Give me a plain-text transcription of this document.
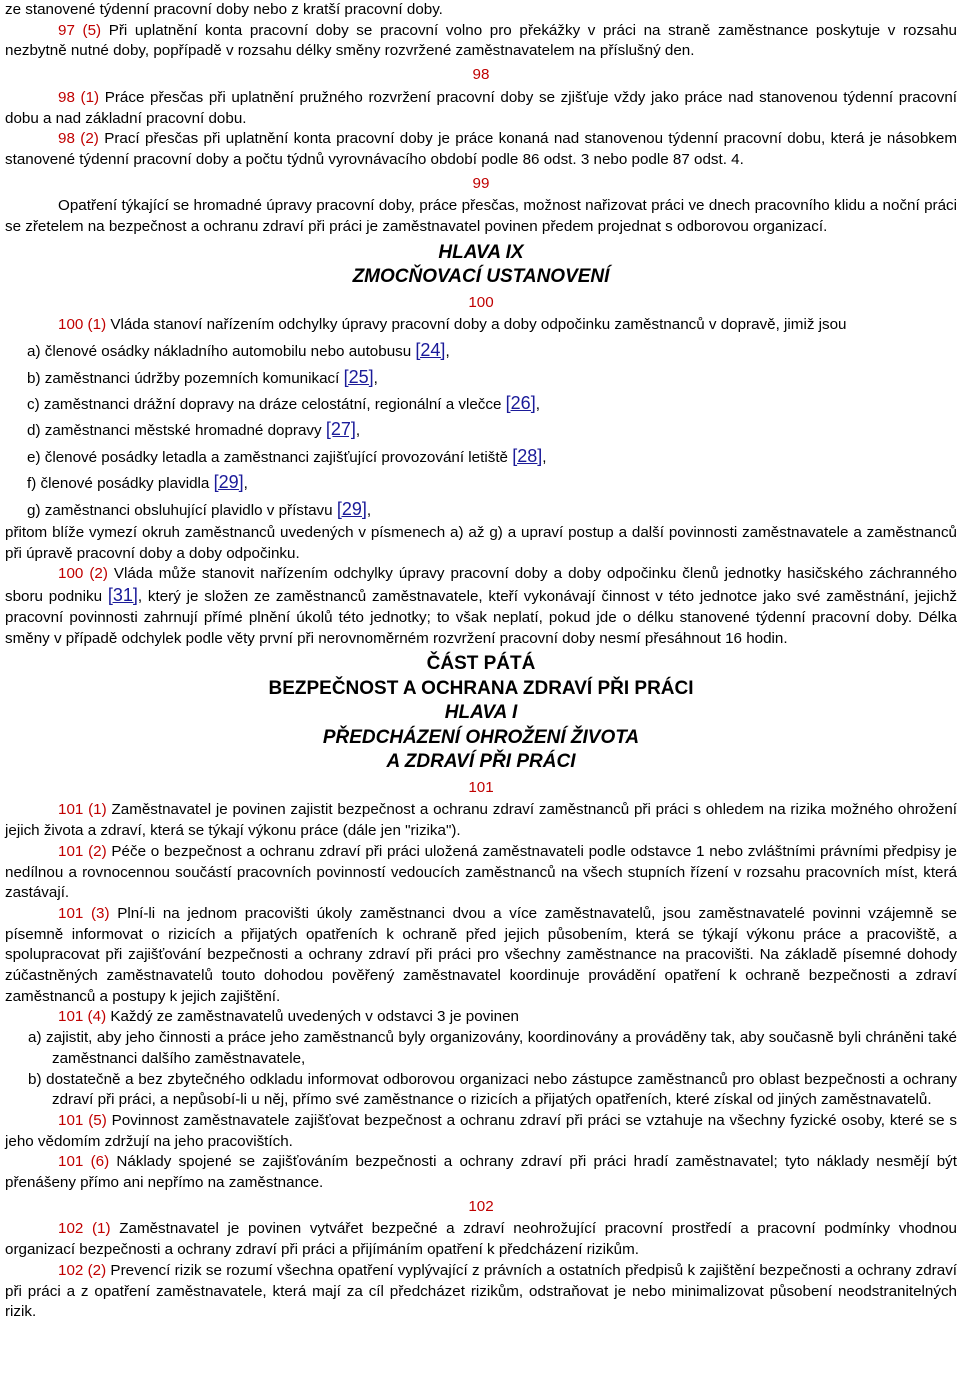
ze stanovené týdenní pracovní doby nebo z kratší pracovní doby.

97 (5) Při uplatnění konta pracovní doby se pracovní volno pro překážky v práci na straně zaměstnance poskytuje v rozsahu nezbytně nutné doby, popřípadě v rozsahu délky směny rozvržené zaměstnavatelem na příslušný den.

98

98 (1) Práce přesčas při uplatnění pružného rozvržení pracovní doby se zjišťuje vždy jako práce nad stanovenou týdenní pracovní dobu a nad základní pracovní dobu.

98 (2) Prací přesčas při uplatnění konta pracovní doby je práce konaná nad stanovenou týdenní pracovní dobu, která je násobkem stanovené týdenní pracovní doby a počtu týdnů vyrovnávacího období podle 86 odst. 3 nebo podle 87 odst. 4.

99

Opatření týkající se hromadné úpravy pracovní doby, práce přesčas, možnost nařizovat práci ve dnech pracovního klidu a noční práci se zřetelem na bezpečnost a ochranu zdraví při práci je zaměstnavatel povinen předem projednat s odborovou organizací.

HLAVA IX

ZMOCŇOVACÍ USTANOVENÍ

100

100 (1) Vláda stanoví nařízením odchylky úpravy pracovní doby a doby odpočinku zaměstnanců v dopravě, jimiž jsou

a) členové osádky nákladního automobilu nebo autobusu [24],

b) zaměstnanci údržby pozemních komunikací [25],

c) zaměstnanci drážní dopravy na dráze celostátní, regionální a vlečce [26],

d) zaměstnanci městské hromadné dopravy [27],

e) členové posádky letadla a zaměstnanci zajišťující provozování letiště [28],

f) členové posádky plavidla [29],

g) zaměstnanci obsluhující plavidlo v přístavu [29],

přitom blíže vymezí okruh zaměstnanců uvedených v písmenech a) až g) a upraví postup a další povinnosti zaměstnavatele a zaměstnanců při úpravě pracovní doby a doby odpočinku.

100 (2) Vláda může stanovit nařízením odchylky úpravy pracovní doby a doby odpočinku členů jednotky hasičského záchranného sboru podniku [31], který je složen ze zaměstnanců zaměstnavatele, kteří vykonávají činnost v této jednotce jako své zaměstnání, jejichž pracovní povinnosti zahrnují přímé plnění úkolů této jednotky; to však neplatí, pokud jde o délku stanovené týdenní pracovní doby. Délka směny v případě odchylek podle věty první při nerovnoměrném rozvržení pracovní doby nesmí přesáhnout 16 hodin.

ČÁST PÁTÁ

BEZPEČNOST A OCHRANA ZDRAVÍ PŘI PRÁCI

HLAVA I

PŘEDCHÁZENÍ OHROŽENÍ ŽIVOTA

A ZDRAVÍ PŘI PRÁCI

101

101 (1) Zaměstnavatel je povinen zajistit bezpečnost a ochranu zdraví zaměstnanců při práci s ohledem na rizika možného ohrožení jejich života a zdraví, která se týkají výkonu práce (dále jen "rizika").

101 (2) Péče o bezpečnost a ochranu zdraví při práci uložená zaměstnavateli podle odstavce 1 nebo zvláštními právními předpisy je nedílnou a rovnocennou součástí pracovních povinností vedoucích zaměstnanců na všech stupních řízení v rozsahu pracovních míst, která zastávají.

101 (3) Plní-li na jednom pracovišti úkoly zaměstnanci dvou a více zaměstnavatelů, jsou zaměstnavatelé povinni vzájemně se písemně informovat o rizicích a přijatých opatřeních k ochraně před jejich působením, která se týkají výkonu práce a pracoviště, a spolupracovat při zajišťování bezpečnosti a ochrany zdraví při práci pro všechny zaměstnance na pracovišti. Na základě písemné dohody zúčastněných zaměstnavatelů touto dohodou pověřený zaměstnavatel koordinuje provádění opatření k ochraně bezpečnosti a zdraví zaměstnanců a postupy k jejich zajištění.

101 (4) Každý ze zaměstnavatelů uvedených v odstavci 3 je povinen

a) zajistit, aby jeho činnosti a práce jeho zaměstnanců byly organizovány, koordinovány a prováděny tak, aby současně byli chráněni také zaměstnanci dalšího zaměstnavatele,

b) dostatečně a bez zbytečného odkladu informovat odborovou organizaci nebo zástupce zaměstnanců pro oblast bezpečnosti a ochrany zdraví při práci, a nepůsobí-li u něj, přímo své zaměstnance o rizicích a přijatých opatřeních, které získal od jiných zaměstnavatelů.

101 (5) Povinnost zaměstnavatele zajišťovat bezpečnost a ochranu zdraví při práci se vztahuje na všechny fyzické osoby, které se s jeho vědomím zdržují na jeho pracovištích.

101 (6) Náklady spojené se zajišťováním bezpečnosti a ochrany zdraví při práci hradí zaměstnavatel; tyto náklady nesmějí být přenášeny přímo ani nepřímo na zaměstnance.

102

102 (1) Zaměstnavatel je povinen vytvářet bezpečné a zdraví neohrožující pracovní prostředí a pracovní podmínky vhodnou organizací bezpečnosti a ochrany zdraví při práci a přijímáním opatření k předcházení rizikům.

102 (2) Prevencí rizik se rozumí všechna opatření vyplývající z právních a ostatních předpisů k zajištění bezpečnosti a ochrany zdraví při práci a z opatření zaměstnavatele, která mají za cíl předcházet rizikům, odstraňovat je nebo minimalizovat působení neodstranitelných rizik.
